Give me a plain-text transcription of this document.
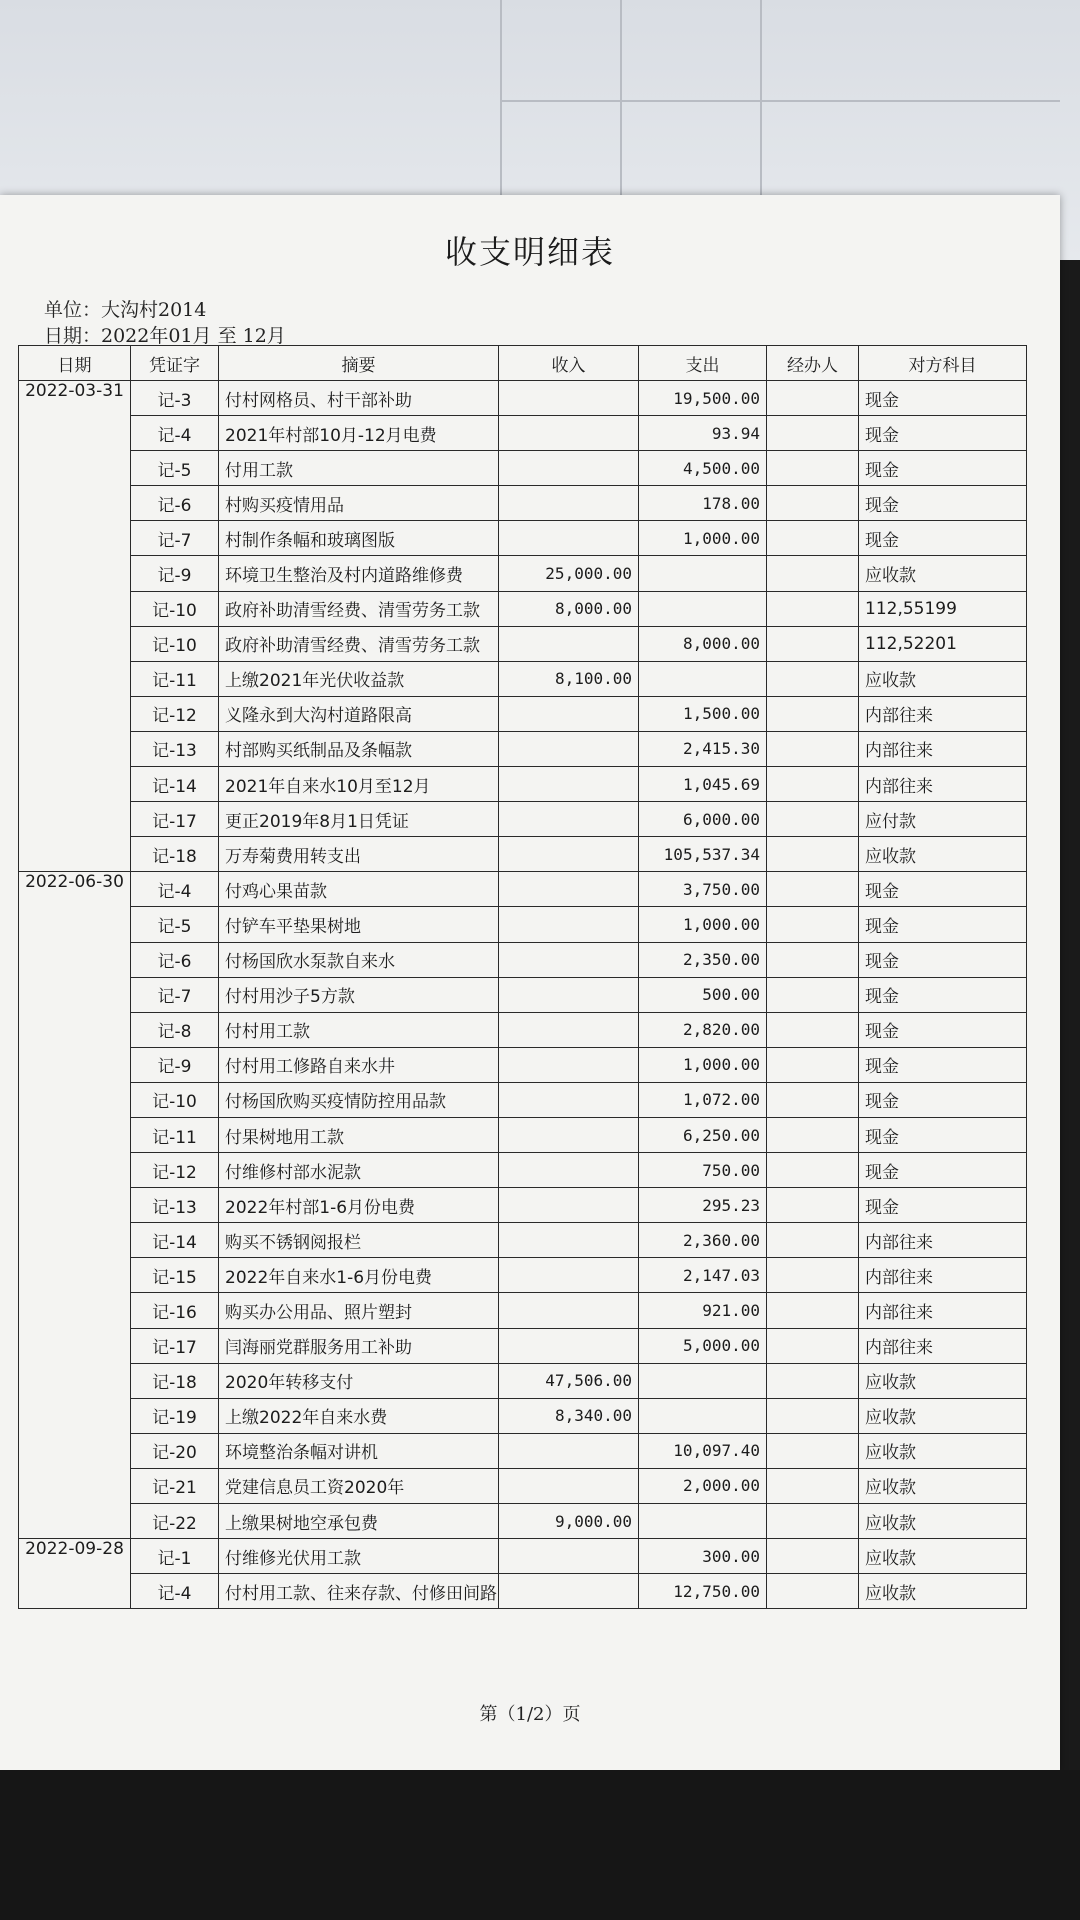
收支明细表
单位：大沟村2014
日期：2022年01月 至 12月
日期	凭证字	摘要	收入	支出	经办人	对方科目
2022-03-31	记-3	付村网格员、村干部补助		19,500.00		现金
	记-4	2021年村部10月-12月电费		93.94		现金
	记-5	付用工款		4,500.00		现金
	记-6	村购买疫情用品		178.00		现金
	记-7	村制作条幅和玻璃图版		1,000.00		现金
	记-9	环境卫生整治及村内道路维修费	25,000.00			应收款
	记-10	政府补助清雪经费、清雪劳务工款	8,000.00			112,55199
	记-10	政府补助清雪经费、清雪劳务工款		8,000.00		112,52201
	记-11	上缴2021年光伏收益款	8,100.00			应收款
	记-12	义隆永到大沟村道路限高		1,500.00		内部往来
	记-13	村部购买纸制品及条幅款		2,415.30		内部往来
	记-14	2021年自来水10月至12月		1,045.69		内部往来
	记-17	更正2019年8月1日凭证		6,000.00		应付款
	记-18	万寿菊费用转支出		105,537.34		应收款
2022-06-30	记-4	付鸡心果苗款		3,750.00		现金
	记-5	付铲车平垫果树地		1,000.00		现金
	记-6	付杨国欣水泵款自来水		2,350.00		现金
	记-7	付村用沙子5方款		500.00		现金
	记-8	付村用工款		2,820.00		现金
	记-9	付村用工修路自来水井		1,000.00		现金
	记-10	付杨国欣购买疫情防控用品款		1,072.00		现金
	记-11	付果树地用工款		6,250.00		现金
	记-12	付维修村部水泥款		750.00		现金
	记-13	2022年村部1-6月份电费		295.23		现金
	记-14	购买不锈钢阅报栏		2,360.00		内部往来
	记-15	2022年自来水1-6月份电费		2,147.03		内部往来
	记-16	购买办公用品、照片塑封		921.00		内部往来
	记-17	闫海丽党群服务用工补助		5,000.00		内部往来
	记-18	2020年转移支付	47,506.00			应收款
	记-19	上缴2022年自来水费	8,340.00			应收款
	记-20	环境整治条幅对讲机		10,097.40		应收款
	记-21	党建信息员工资2020年		2,000.00		应收款
	记-22	上缴果树地空承包费	9,000.00			应收款
2022-09-28	记-1	付维修光伏用工款		300.00		应收款
	记-4	付村用工款、往来存款、付修田间路		12,750.00		应收款
第（1/2）页
